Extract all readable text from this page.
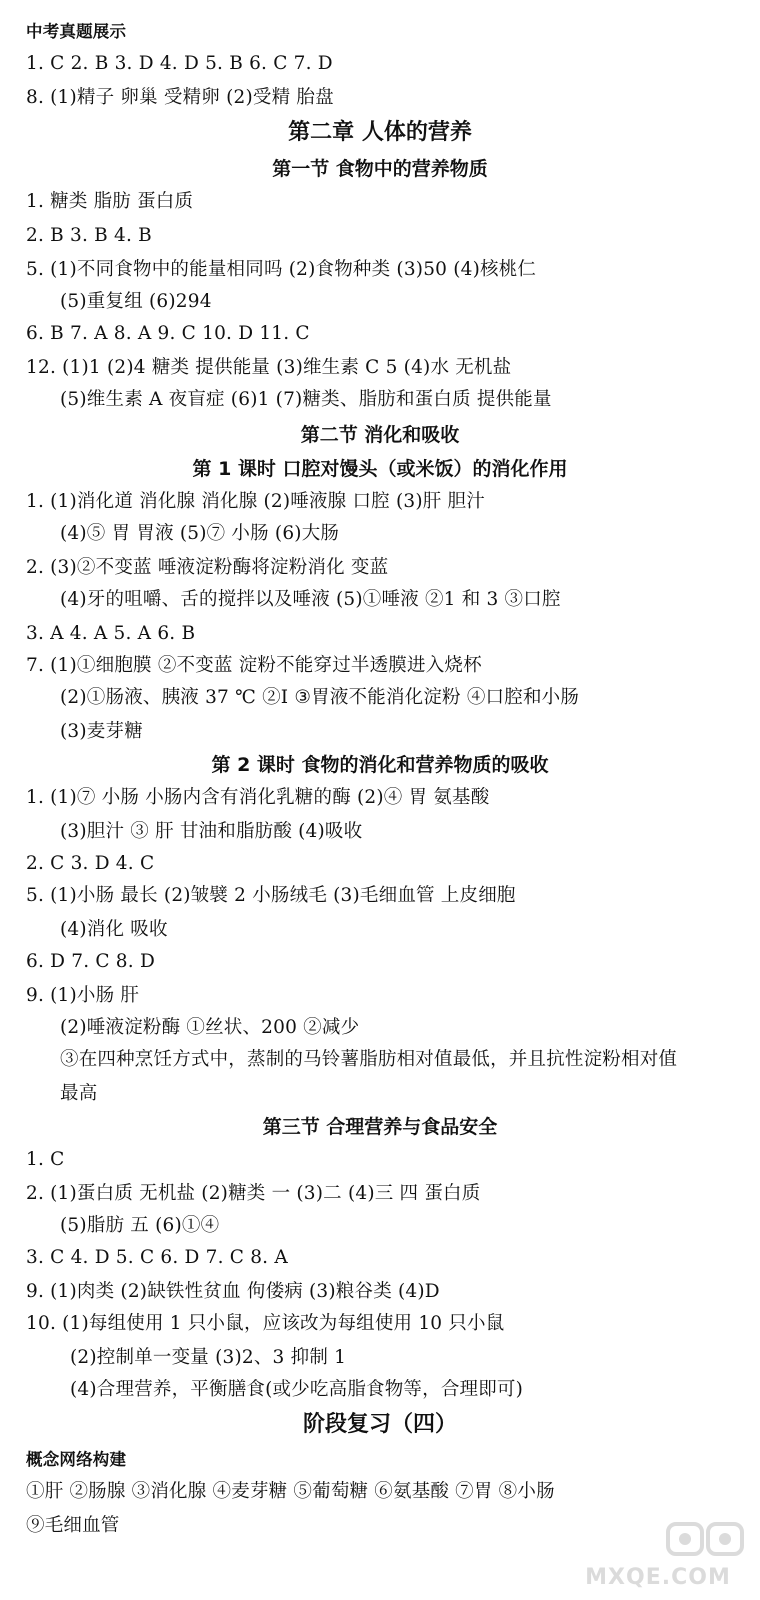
中考真题展示
1. C 2. B 3. D 4. D 5. B 6. C 7. D
8. (1)精子 卵巢 受精卵 (2)受精 胎盘
第二章 人体的营养
第一节 食物中的营养物质
1. 糖类 脂肪 蛋白质
2. B 3. B 4. B
5. (1)不同食物中的能量相同吗 (2)食物种类 (3)50 (4)核桃仁
(5)重复组 (6)294
6. B 7. A 8. A 9. C 10. D 11. C
12. (1)1 (2)4 糖类 提供能量 (3)维生素 C 5 (4)水 无机盐
(5)维生素 A 夜盲症 (6)1 (7)糖类、脂肪和蛋白质 提供能量
第二节 消化和吸收
第 1 课时 口腔对馒头（或米饭）的消化作用
1. (1)消化道 消化腺 消化腺 (2)唾液腺 口腔 (3)肝 胆汁
(4)⑤ 胃 胃液 (5)⑦ 小肠 (6)大肠
2. (3)②不变蓝 唾液淀粉酶将淀粉消化 变蓝
(4)牙的咀嚼、舌的搅拌以及唾液 (5)①唾液 ②1 和 3 ③口腔
3. A 4. A 5. A 6. B
7. (1)①细胞膜 ②不变蓝 淀粉不能穿过半透膜进入烧杯
(2)①肠液、胰液 37 ℃ ②Ⅰ ③胃液不能消化淀粉 ④口腔和小肠
(3)麦芽糖
第 2 课时 食物的消化和营养物质的吸收
1. (1)⑦ 小肠 小肠内含有消化乳糖的酶 (2)④ 胃 氨基酸
(3)胆汁 ③ 肝 甘油和脂肪酸 (4)吸收
2. C 3. D 4. C
5. (1)小肠 最长 (2)皱襞 2 小肠绒毛 (3)毛细血管 上皮细胞
(4)消化 吸收
6. D 7. C 8. D
9. (1)小肠 肝
(2)唾液淀粉酶 ①丝状、200 ②减少
③在四种烹饪方式中，蒸制的马铃薯脂肪相对值最低，并且抗性淀粉相对值
最高
第三节 合理营养与食品安全
1. C
2. (1)蛋白质 无机盐 (2)糖类 一 (3)二 (4)三 四 蛋白质
(5)脂肪 五 (6)①④
3. C 4. D 5. C 6. D 7. C 8. A
9. (1)肉类 (2)缺铁性贫血 佝偻病 (3)粮谷类 (4)D
10. (1)每组使用 1 只小鼠，应该改为每组使用 10 只小鼠
(2)控制单一变量 (3)2、3 抑制 1
(4)合理营养，平衡膳食(或少吃高脂食物等，合理即可)
阶段复习（四）
概念网络构建
①肝 ②肠腺 ③消化腺 ④麦芽糖 ⑤葡萄糖 ⑥氨基酸 ⑦胃 ⑧小肠
⑨毛细血管
MXQE.COM
